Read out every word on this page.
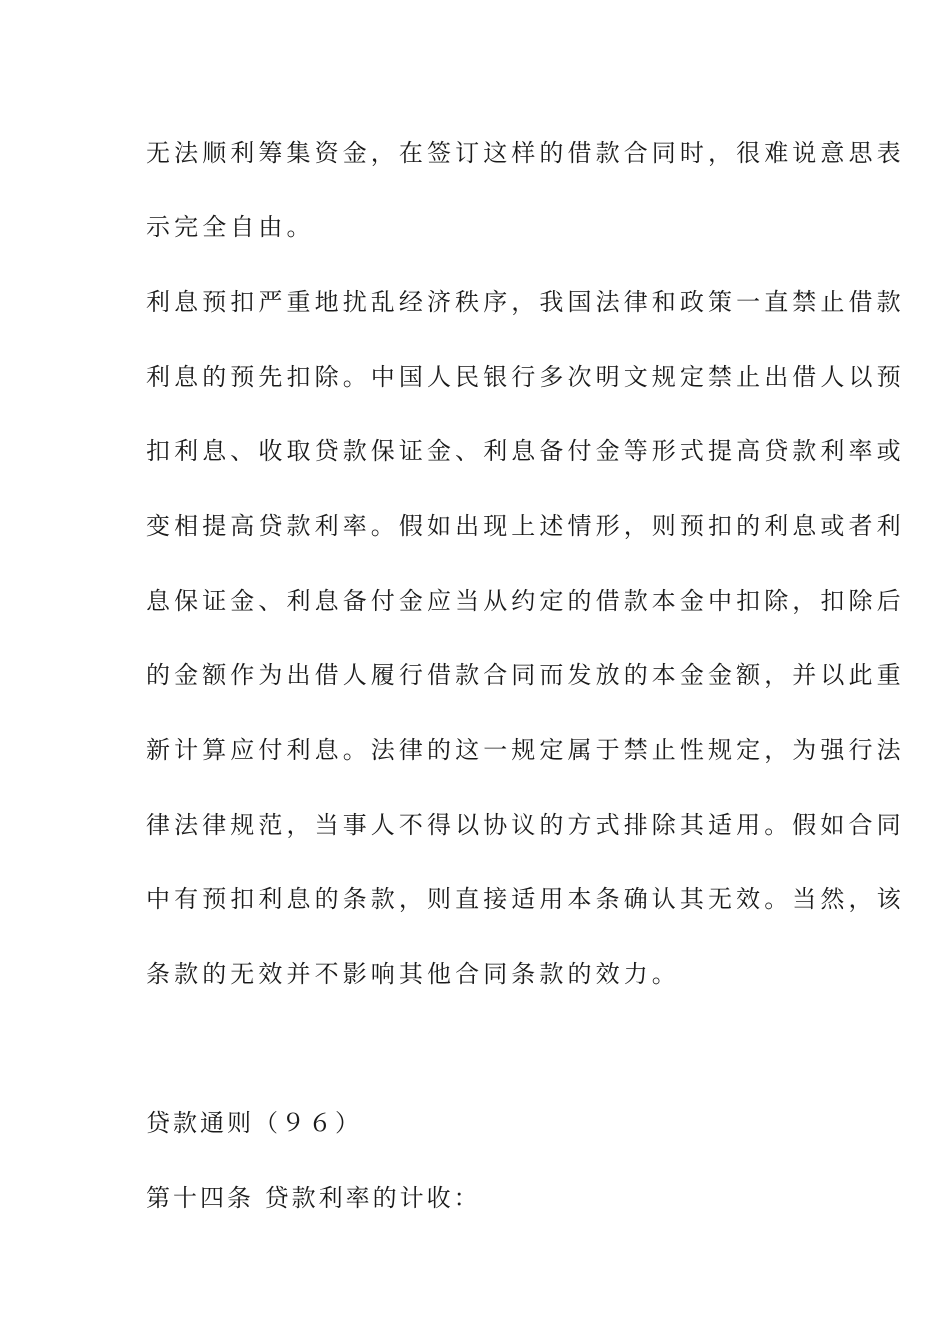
无法顺利筹集资金，在签订这样的借款合同时，很难说意思表
示完全自由。
利息预扣严重地扰乱经济秩序，我国法律和政策一直禁止借款
利息的预先扣除。中国人民银行多次明文规定禁止出借人以预
扣利息、收取贷款保证金、利息备付金等形式提高贷款利率或
变相提高贷款利率。假如出现上述情形，则预扣的利息或者利
息保证金、利息备付金应当从约定的借款本金中扣除，扣除后
的金额作为出借人履行借款合同而发放的本金金额，并以此重
新计算应付利息。法律的这一规定属于禁止性规定，为强行法
律法律规范，当事人不得以协议的方式排除其适用。假如合同
中有预扣利息的条款，则直接适用本条确认其无效。当然，该
条款的无效并不影响其他合同条款的效力。
贷款通则（９６）
第十四条 贷款利率的计收：
